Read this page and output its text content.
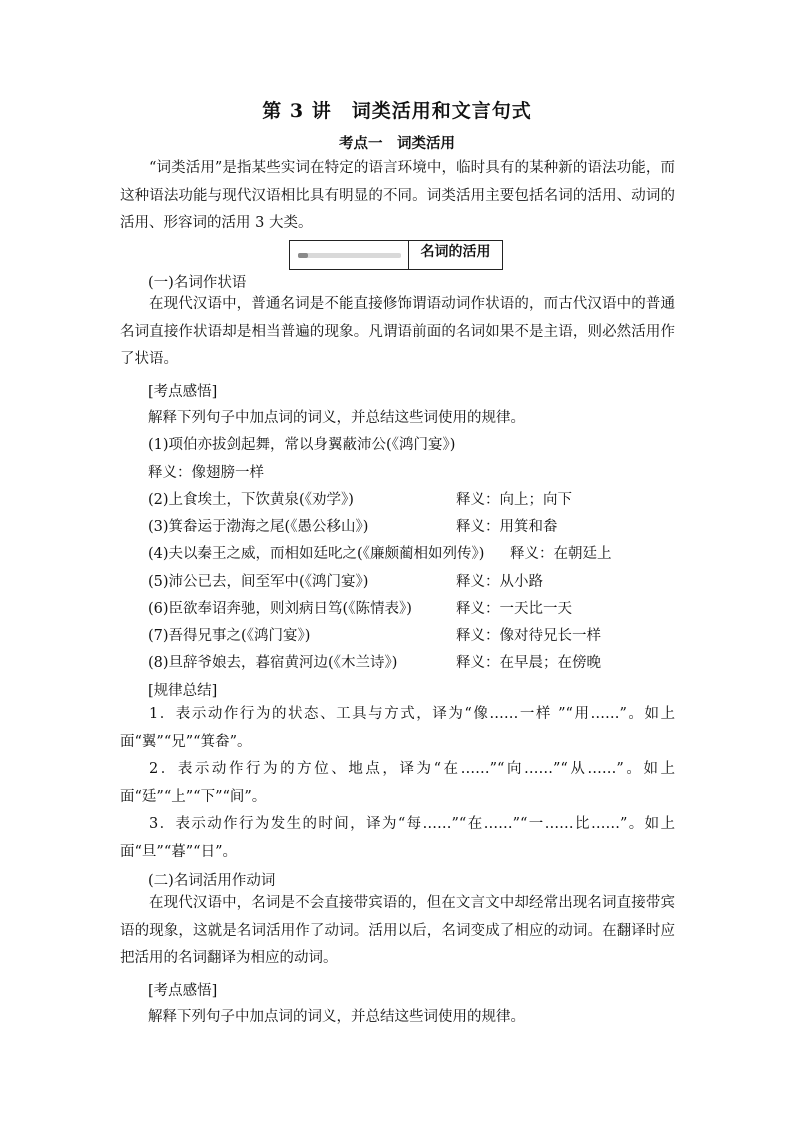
第 3 讲　词类活用和文言句式
考点一　词类活用

“词类活用”是指某些实词在特定的语言环境中，临时具有的某种新的语法功能，而这种语法功能与现代汉语相比具有明显的不同。词类活用主要包括名词的活用、动词的活用、形容词的活用 3 大类。

名词的活用
(一)名词作状语

在现代汉语中，普通名词是不能直接修饰谓语动词作状语的，而古代汉语中的普通名词直接作状语却是相当普遍的现象。凡谓语前面的名词如果不是主语，则必然活用作了状语。

[考点感悟]
解释下列句子中加点词的词义，并总结这些词使用的规律。
(1)项伯亦拔剑起舞，常以身翼蔽沛公(《鸿门宴》)
释义：像翅膀一样
(2)上食埃土，下饮黄泉(《劝学》)	释义：向上；向下
(3)箕畚运于渤海之尾(《愚公移山》)	释义：用箕和畚
(4)夫以秦王之威，而相如廷叱之(《廉颇蔺相如列传》) 释义：在朝廷上
(5)沛公已去，间至军中(《鸿门宴》)	释义：从小路
(6)臣欲奉诏奔驰，则刘病日笃(《陈情表》)	释义：一天比一天
(7)吾得兄事之(《鸿门宴》)	释义：像对待兄长一样
(8)旦辞爷娘去，暮宿黄河边(《木兰诗》)	释义：在早晨；在傍晚
[规律总结]

1．表示动作行为的状态、工具与方式，译为“像……一样 ”“用……”。如上面“翼”“兄”“箕畚”。

2．表示动作行为的方位、地点，译为“在……”“向……”“从……”。如上面“廷”“上”“下”“间”。

3．表示动作行为发生的时间，译为“每……”“在……”“一……比……”。如上面“旦”“暮”“日”。

(二)名词活用作动词

在现代汉语中，名词是不会直接带宾语的，但在文言文中却经常出现名词直接带宾语的现象，这就是名词活用作了动词。活用以后，名词变成了相应的动词。在翻译时应把活用的名词翻译为相应的动词。

[考点感悟]
解释下列句子中加点词的词义，并总结这些词使用的规律。
